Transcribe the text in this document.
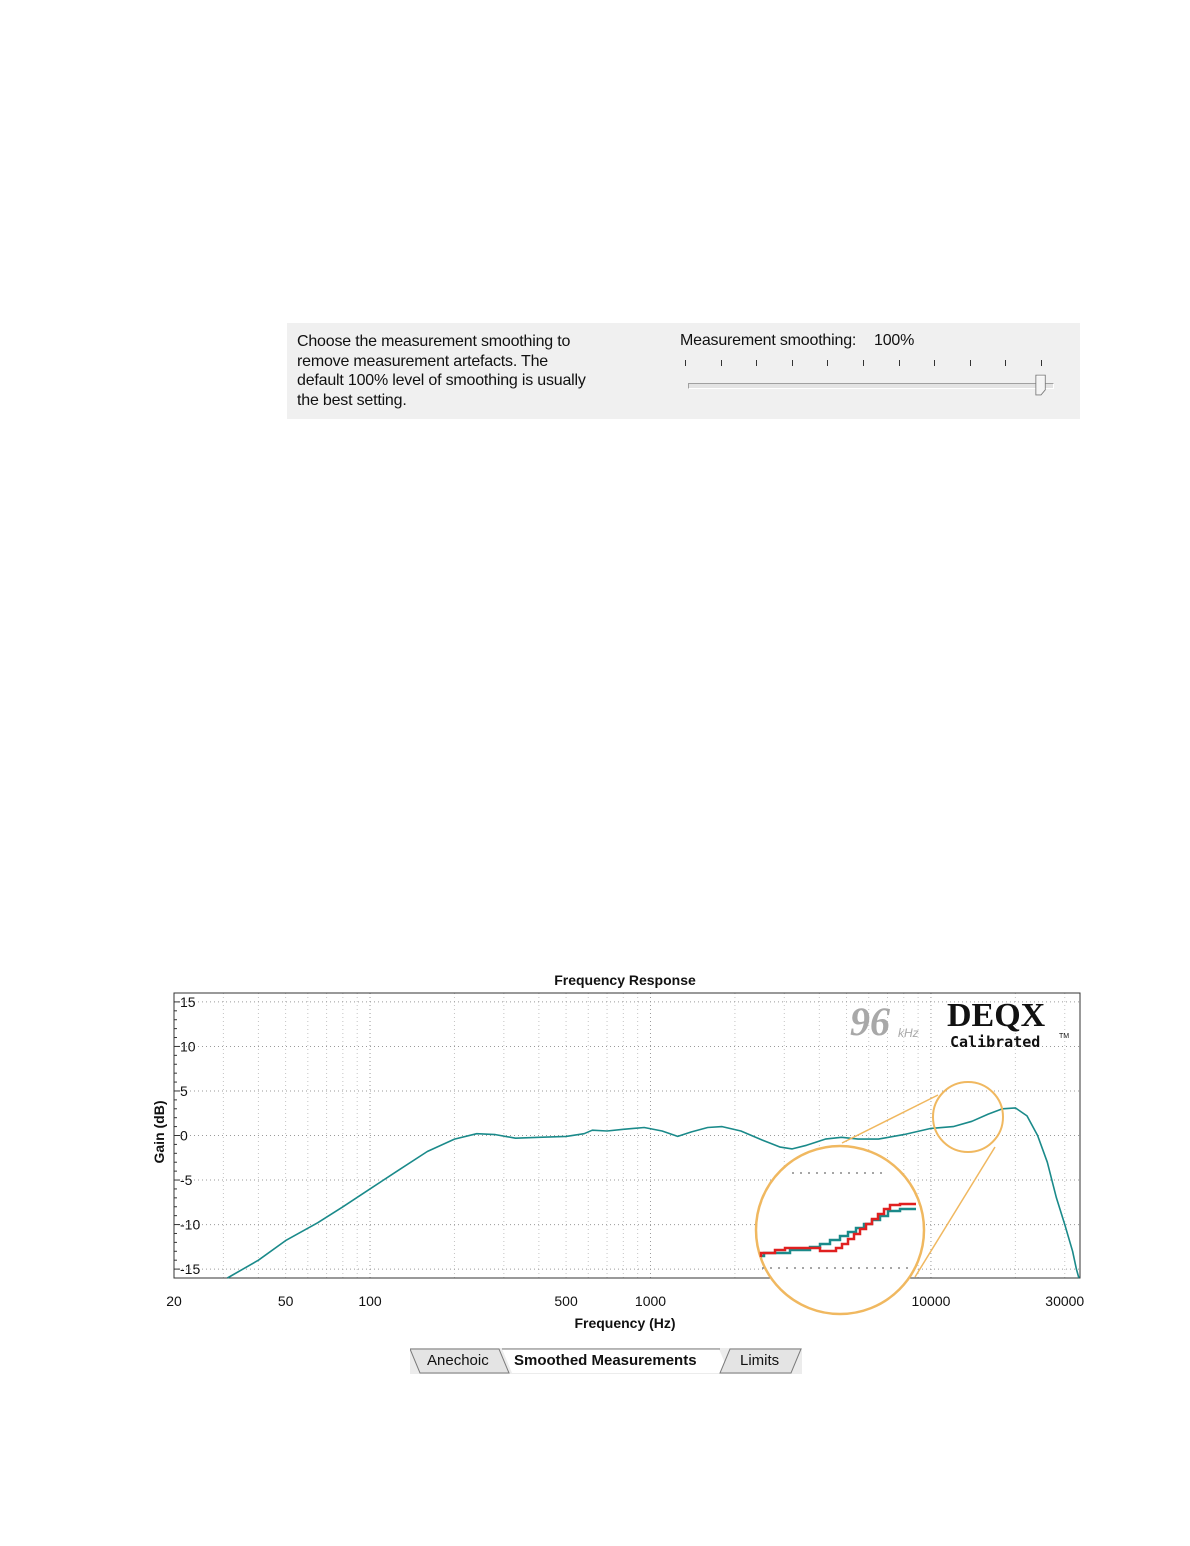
Choose the measurement smoothing to
remove measurement artefacts. The
default 100% level of smoothing is usually
the best setting.
Measurement smoothing: 100%
Frequency Response
Gain (dB)
Frequency (Hz)
20	50	100	500	1000	10000	30000
15
10
5
0
-5
-10
-15
96 kHz DEQX
Calibrated	TM
Anechoic Smoothed Measurements	Limits
